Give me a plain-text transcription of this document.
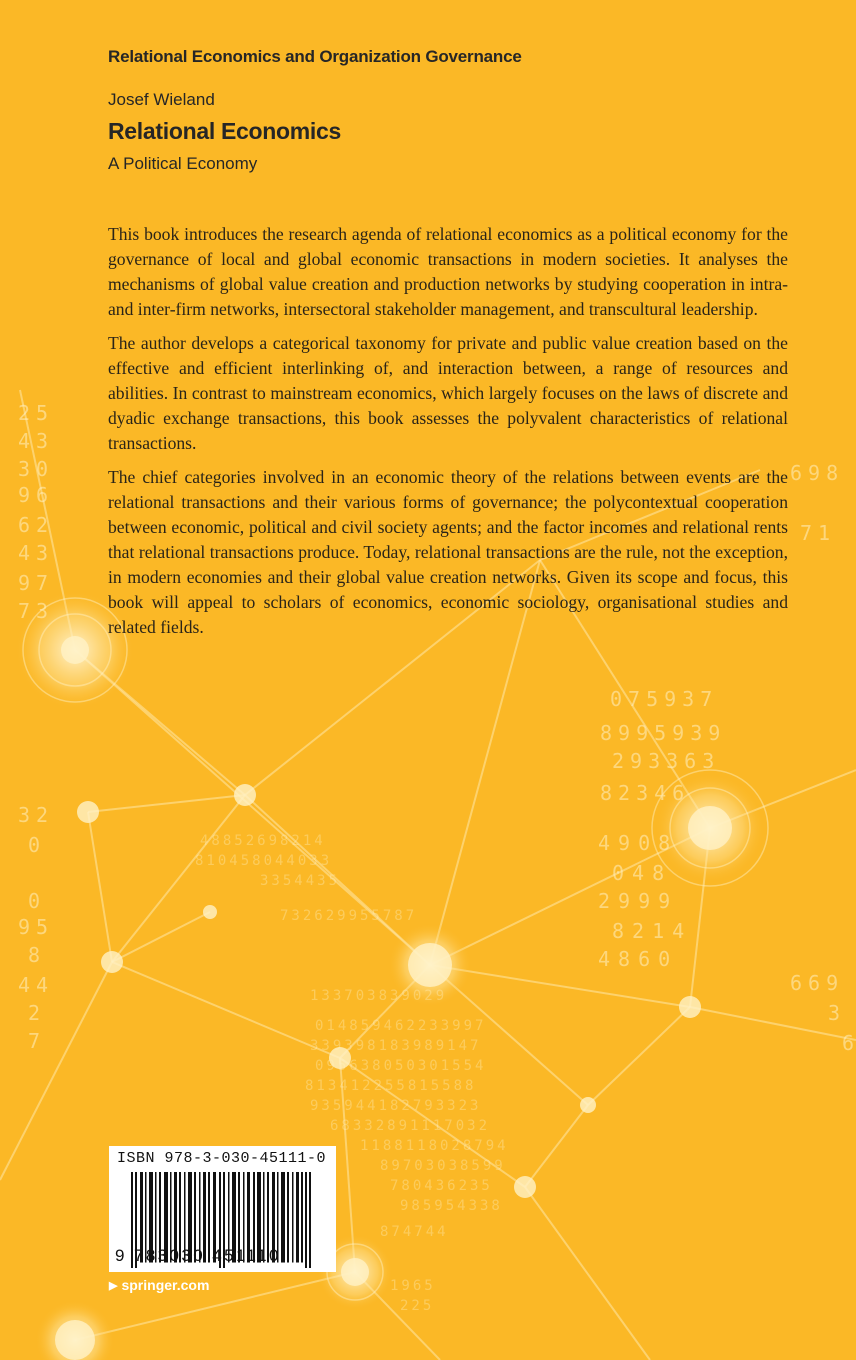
075937
8995939
293363
82346
4908
048
2999
8214
4860
669
3
6
32
0
0
95
8
44
2
7
25
43
30
96
62
43
97
73
698
71
732629955787
133703839029
014859462233997
339398183989147
095638050301554
813412255815588
935944182793323
68332891117032
1188118028794
89703038599
780436235
985954338
874744
1965
225
48852698214
810458044033
3354435
Relational Economics and Organization Governance
Josef Wieland
Relational Economics
A Political Economy

This book introduces the research agenda of relational economics as a political economy for the governance of local and global economic transactions in modern societies. It analyses the mechanisms of global value creation and production networks by studying cooperation in intra- and inter-firm networks, intersectoral stakeholder management, and transcultural leadership.

The author develops a categorical taxonomy for private and public value creation based on the effective and efficient interlinking of, and interaction between, a range of resources and abilities. In contrast to mainstream economics, which largely focuses on the laws of discrete and dyadic exchange transactions, this book assesses the polyvalent characteristics of relational transactions.

The chief categories involved in an economic theory of the relations between events are the relational transactions and their various forms of governance; the polycontextual cooperation between economic, political and civil society agents; and the factor incomes and relational rents that relational transactions produce. Today, relational transactions are the rule, not the exception, in modern economies and their global value creation networks. Given its scope and focus, this book will appeal to scholars of economics, economic sociology, organisational studies and related fields.

ISBN 978-3-030-45111-0
9 783030 451110
▶ springer.com
